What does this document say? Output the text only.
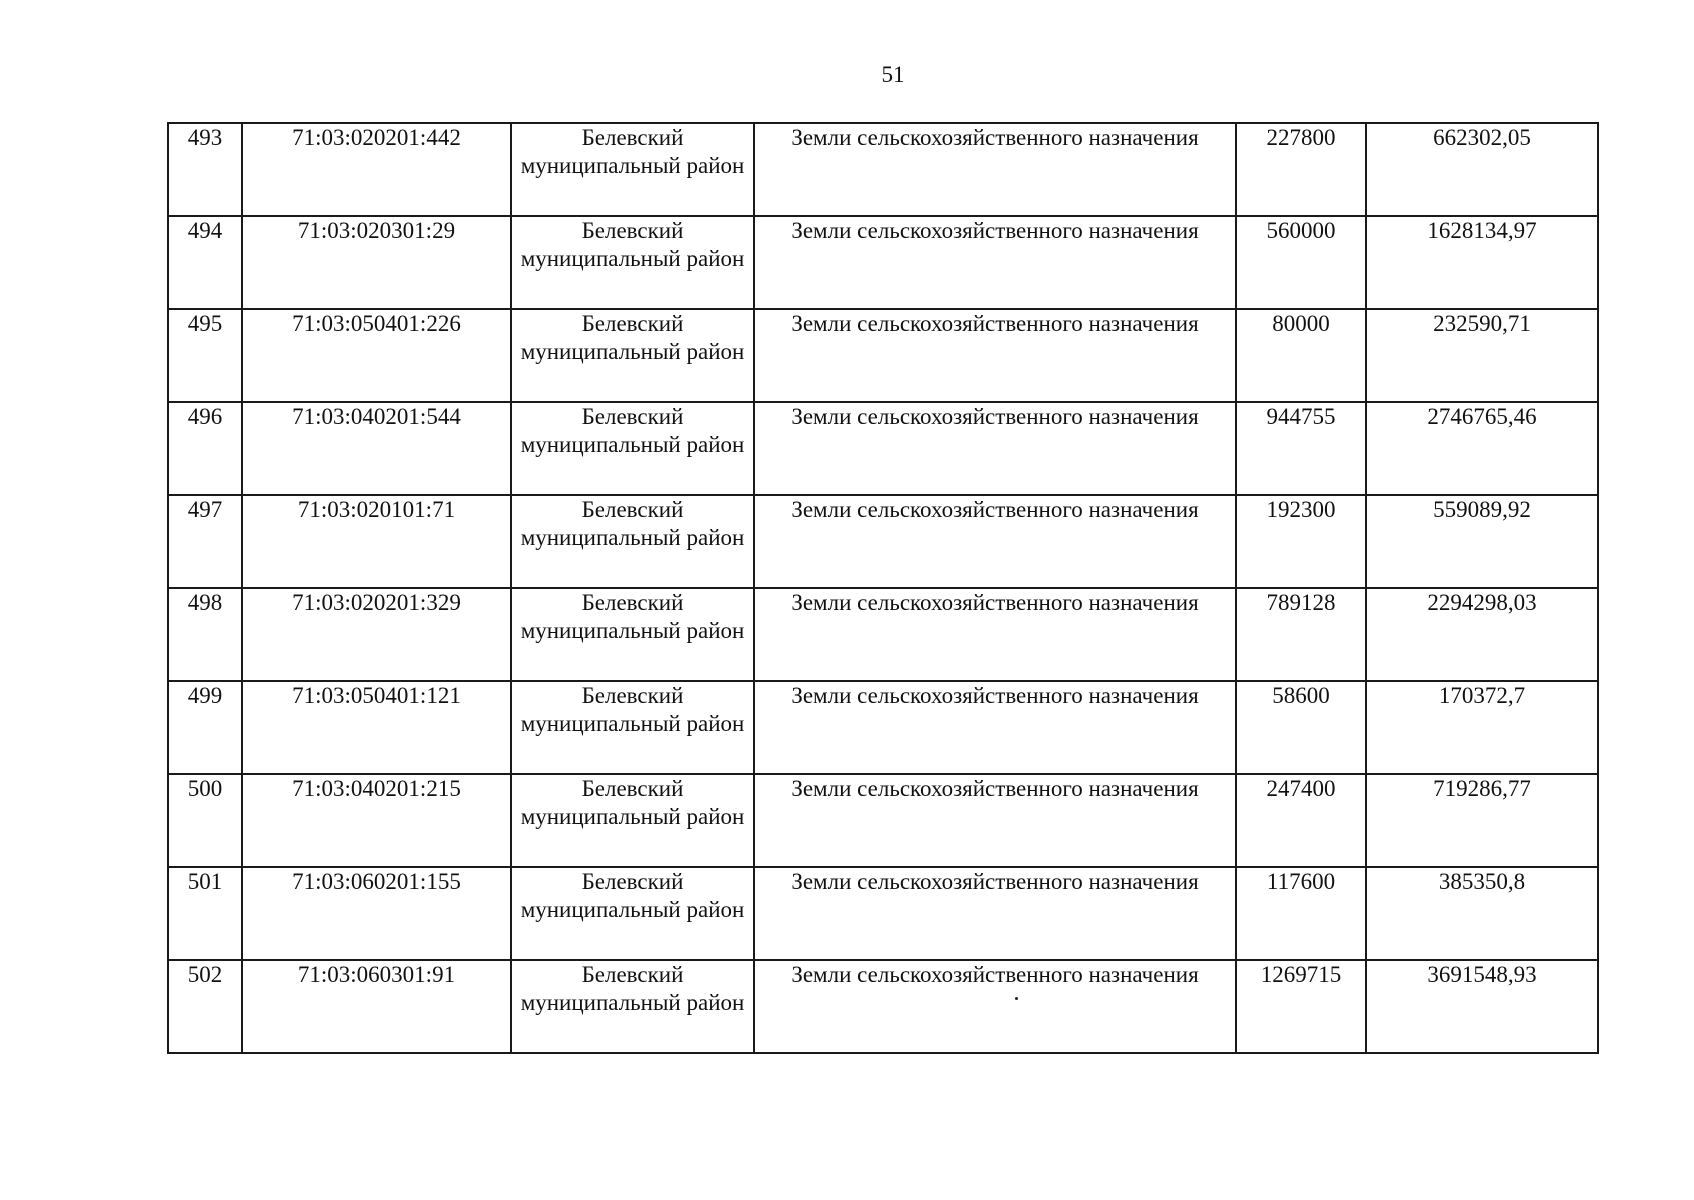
51
493	71:03:020201:442	Белевский муниципальный район	Земли сельскохозяйственного назначения	227800	662302,05
494	71:03:020301:29	Белевский муниципальный район	Земли сельскохозяйственного назначения	560000	1628134,97
495	71:03:050401:226	Белевский муниципальный район	Земли сельскохозяйственного назначения	80000	232590,71
496	71:03:040201:544	Белевский муниципальный район	Земли сельскохозяйственного назначения	944755	2746765,46
497	71:03:020101:71	Белевский муниципальный район	Земли сельскохозяйственного назначения	192300	559089,92
498	71:03:020201:329	Белевский муниципальный район	Земли сельскохозяйственного назначения	789128	2294298,03
499	71:03:050401:121	Белевский муниципальный район	Земли сельскохозяйственного назначения	58600	170372,7
500	71:03:040201:215	Белевский муниципальный район	Земли сельскохозяйственного назначения	247400	719286,77
501	71:03:060201:155	Белевский муниципальный район	Земли сельскохозяйственного назначения	117600	385350,8
502	71:03:060301:91	Белевский муниципальный район	Земли сельскохозяйственного назначения	1269715	3691548,93
